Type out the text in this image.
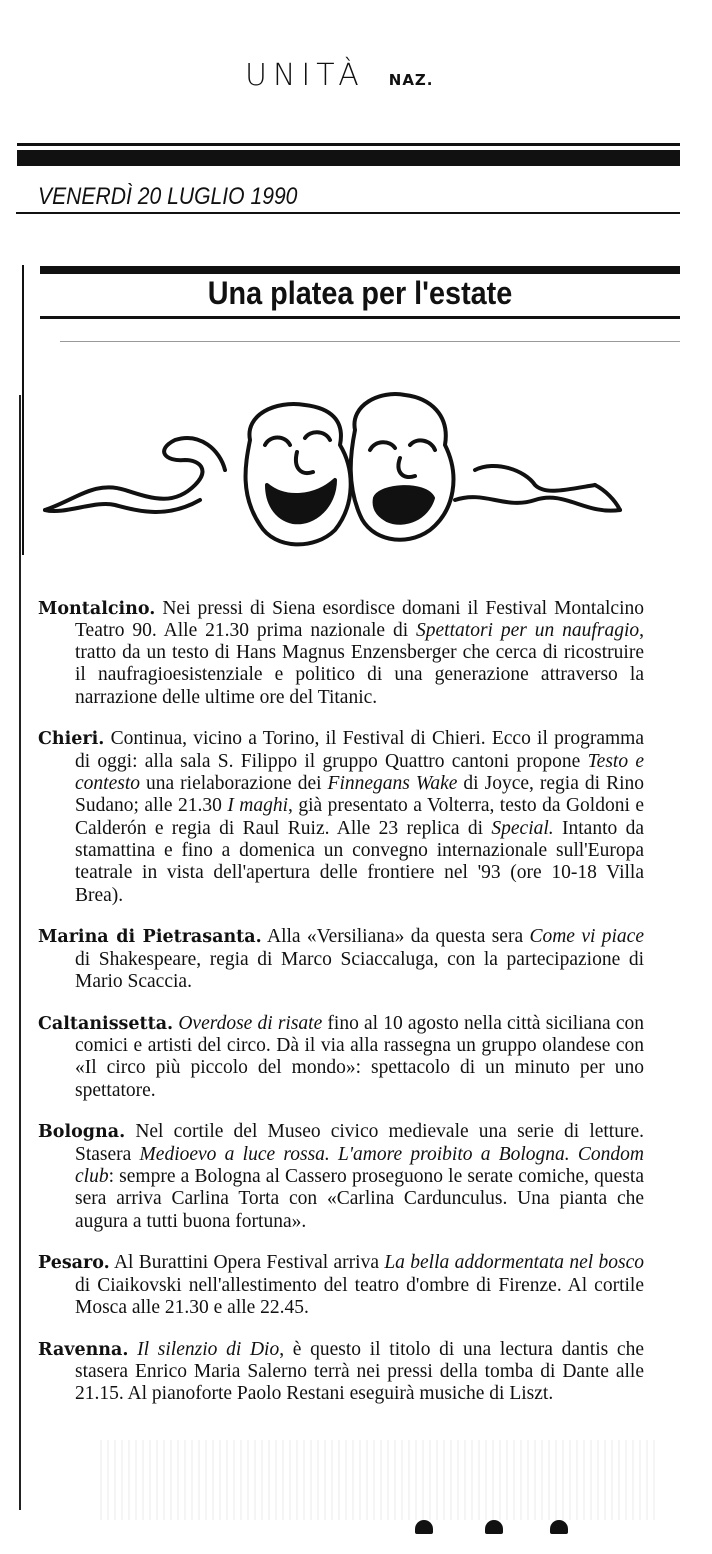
UNITÀ NAZ.
VENERDÌ 20 LUGLIO 1990
Una platea per l'estate

Montalcino. Nei pressi di Siena esordisce domani il Festival Montalcino Teatro 90. Alle 21.30 prima nazionale di Spettatori per un naufragio, tratto da un testo di Hans Magnus Enzensberger che cerca di ricostruire il naufragioesistenziale e politico di una generazione attraverso la narrazione delle ultime ore del Titanic.

Chieri. Continua, vicino a Torino, il Festival di Chieri. Ecco il programma di oggi: alla sala S. Filippo il gruppo Quattro cantoni propone Testo e contesto una rielaborazione dei Finnegans Wake di Joyce, regia di Rino Sudano; alle 21.30 I maghi, già presentato a Volterra, testo da Goldoni e Calderón e regia di Raul Ruiz. Alle 23 replica di Special. Intanto da stamattina e fino a domenica un convegno internazionale sull'Europa teatrale in vista dell'apertura delle frontiere nel '93 (ore 10-18 Villa Brea).

Marina di Pietrasanta. Alla «Versiliana» da questa sera Come vi piace di Shakespeare, regia di Marco Sciaccaluga, con la partecipazione di Mario Scaccia.

Caltanissetta. Overdose di risate fino al 10 agosto nella città siciliana con comici e artisti del circo. Dà il via alla rassegna un gruppo olandese con «Il circo più piccolo del mondo»: spettacolo di un minuto per uno spettatore.

Bologna. Nel cortile del Museo civico medievale una serie di letture. Stasera Medioevo a luce rossa. L'amore proibito a Bologna. Condom club: sempre a Bologna al Cassero proseguono le serate comiche, questa sera arriva Carlina Torta con «Carlina Cardunculus. Una pianta che augura a tutti buona fortuna».

Pesaro. Al Burattini Opera Festival arriva La bella addormentata nel bosco di Ciaikovski nell'allestimento del teatro d'ombre di Firenze. Al cortile Mosca alle 21.30 e alle 22.45.

Ravenna. Il silenzio di Dio, è questo il titolo di una lectura dantis che stasera Enrico Maria Salerno terrà nei pressi della tomba di Dante alle 21.15. Al pianoforte Paolo Restani eseguirà musiche di Liszt.
